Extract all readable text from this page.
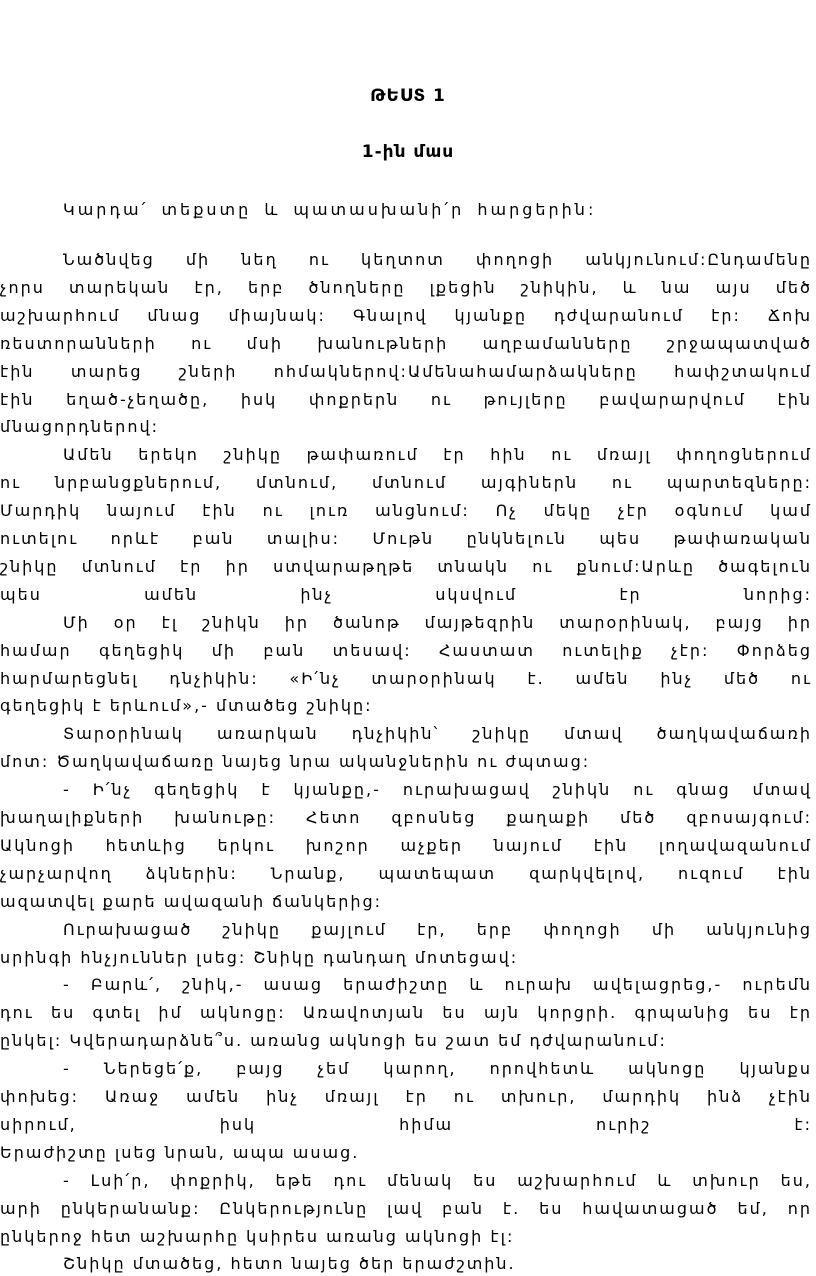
ԹԵՍՏ 1
1-ին մաս
Կարդա՛ տեքստը և պատասխանի՛ր հարցերին:
Նածնվեց մի նեղ ու կեղտոտ փողոցի անկյունում:Ընդամենը
չորս տարեկան էր, երբ ծնողները լքեցին շնիկին, և նա այս մեծ
աշխարհում մնաց միայնակ: Գնալով կյանքը դժվարանում էր: Ճոխ
ռեստորանների ու մսի խանութների աղբամանները շրջապատված
էին տարեց շների ոհմակներով:Ամենահամարձակները հափշտակում
էին եղած-չեղածը, իսկ փոքրերն ու թույլերը բավարարվում էին
մնացորդներով:
Ամեն երեկո շնիկը թափառում էր հին ու մռայլ փողոցներում
ու նրբանցքներում, մտնում, մտնում այգիներն ու պարտեզները:
Մարդիկ նայում էին ու լուռ անցնում: Ոչ մեկը չէր օգնում կամ
ուտելու որևէ բան տալիս: Մութն ընկնելուն պես թափառական
շնիկը մտնում էր իր ստվարաթղթե տնակն ու քնում:Արևը ծագելուն
պես ամեն ինչ սկսվում էր նորից:
Մի օր էլ շնիկն իր ծանոթ մայթեզրին տարօրինակ, բայց իր
համար գեղեցիկ մի բան տեսավ: Հաստատ ուտելիք չէր: Փորձեց
հարմարեցնել դնչիկին: «Ի՛նչ տարօրինակ է. ամեն ինչ մեծ ու
գեղեցիկ է երևում»,- մտածեց շնիկը:
Տարօրինակ առարկան դնչիկին՝ շնիկը մտավ ծաղկավաճառի
մոտ: Ծաղկավաճառը նայեց նրա ականջներին ու ժպտաց:
- Ի՛նչ գեղեցիկ է կյանքը,- ուրախացավ շնիկն ու գնաց մտավ
խաղալիքների խանութը: Հետո զբոսնեց քաղաքի մեծ զբոսայգում:
Ակնոցի հետևից երկու խոշոր աչքեր նայում էին լողավազանում
չարչարվող ձկներին: Նրանք, պատեպատ զարկվելով, ուզում էին
ազատվել քարե ավազանի ճանկերից:
Ուրախացած շնիկը քայլում էր, երբ փողոցի մի անկյունից
սրինգի հնչյուններ լսեց: Շնիկը դանդաղ մոտեցավ:
- Բարև՛, շնիկ,- ասաց երաժիշտը և ուրախ ավելացրեց,- ուրեմն
դու ես գտել իմ ակնոցը: Առավոտյան ես այն կորցրի. գրպանից ես էր
ընկել: Կվերադարձնե՞ս. առանց ակնոցի ես շատ եմ դժվարանում:
- Ներեցե՛ք, բայց չեմ կարող, որովհետև ակնոցը կյանքս
փոխեց: Առաջ ամեն ինչ մռայլ էր ու տխուր, մարդիկ ինձ չէին
սիրում, իսկ հիմա ուրիշ է:
Երաժիշտը լսեց նրան, ապա ասաց.
- Լսի՛ր, փոքրիկ, եթե դու մենակ ես աշխարհում և տխուր ես,
արի ընկերանանք: Ընկերությունը լավ բան է. ես հավատացած եմ, որ
ընկերոջ հետ աշխարհը կսիրես առանց ակնոցի էլ:
Շնիկը մտածեց, հետո նայեց ծեր երաժշտին.
